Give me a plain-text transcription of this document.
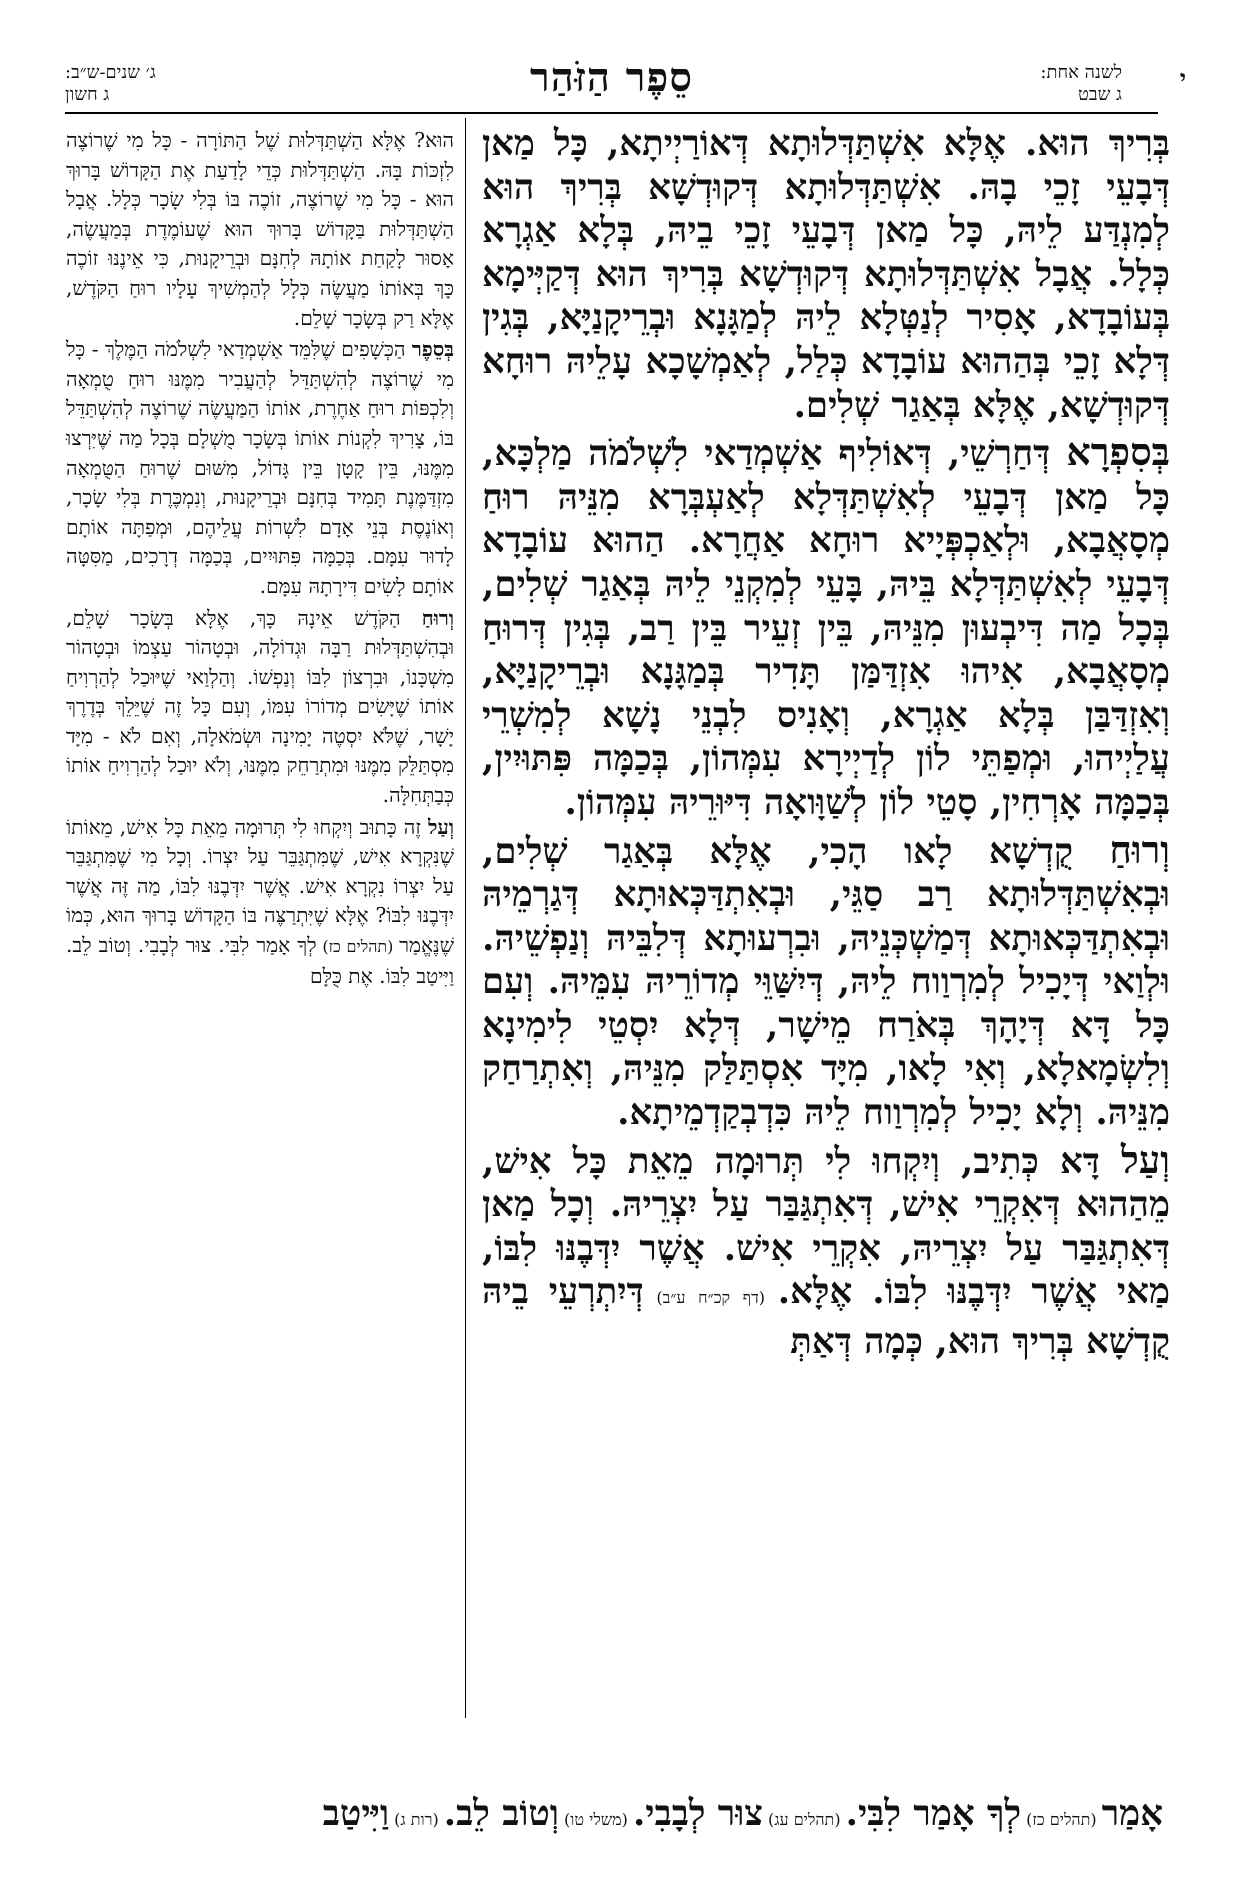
י
לשנה אחת:
ג שבט
סֵפֶר הַזֹּהַר
ג׳ שנים-ש״ב:
ג חשון

בְּרִיךְ הוּא. אֶלָּא אִשְׁתַּדְּלוּתָא דְּאוֹרַיְיתָא, כָּל מַאן דְּבָעֵי זָכֵי בָהּ. אִשְׁתַּדְּלוּתָא דְּקוּדְשָׁא בְּרִיךְ הוּא לְמִנְדַּע לֵיהּ, כָּל מַאן דְּבָעֵי זָכֵי בֵיהּ, בְּלָא אַגְרָא כְּלָל. אֲבָל אִשְׁתַּדְּלוּתָא דְּקוּדְשָׁא בְּרִיךְ הוּא דְּקַיְּימָא בְּעוֹבָדָא, אָסִיר לְנַטְּלָא לֵיהּ לְמַגָּנָא וּבְרֵיקָנַיָּא, בְּגִין דְּלָא זָכֵי בְּהַהוּא עוֹבָדָא כְּלַל, לְאַמְשָׁכָא עָלֵיהּ רוּחָא דְּקוּדְשָׁא, אֶלָּא בְּאַגַר שְׁלִים.

בְּסִפְרָא דְּחַרְשֵׁי, דְּאוֹלִיף אַשְׁמְדַאי לִשְׁלֹמֹה מַלְכָּא, כָּל מַאן דְּבָעֵי לְאִשְׁתַּדְּלָא לְאַעְבְּרָא מִנֵּיהּ רוּחַ מְסָאֲבָא, וּלְאַכְפְּיָיא רוּחָא אַחֲרָא. הַהוּא עוֹבָדָא דְּבָעֵי לְאִשְׁתַּדְּלָא בֵּיהּ, בָּעֵי לְמִקְנֵי לֵיהּ בְּאַגַר שְׁלִים, בְּכָל מַה דִּיבְעוּן מִנֵּיהּ, בֵּין זְעֵיר בֵּין רַב, בְּגִין דְּרוּחַ מְסָאֲבָא, אִיהוּ אִזְדַּמַּן תָּדִיר בְּמַגָּנָא וּבְרֵיקָנַיָּא, וְאִזְדַּבַּן בְּלָא אַגְרָא, וְאָנִיס לִבְנֵי נָשָׁא לְמִשְׁרֵי עֲלַיְיהוּ, וּמְפַתֵּי לוֹן לְדַיְירָא עִמְּהוֹן, בְּכַמָּה פִּתּוּיִין, בְּכַמָּה אָרְחִין, סָטֵי לוֹן לְשַׁוָּואָה דִּיּוּרֵיהּ עִמְּהוֹן.

וְרוּחַ קֻדְשָׁא לָאו הָכִי, אֶלָּא בְּאַגַר שְׁלִים, וּבְאִשְׁתַּדְּלוּתָא רַב סַגֵּי, וּבְאִתְדַּכְּאוּתָא דְּגַרְמֵיהּ וּבְאִתְדַּכְּאוּתָא דְּמַשְׁכְּנֵיהּ, וּבִרְעוּתָא דְּלִבֵּיהּ וְנַפְשֵׁיהּ. וּלְוַאי דְּיָכִיל לְמִרְוַוח לֵיהּ, דְּיִשַּׁוֵּי מְדוֹרֵיהּ עִמֵּיהּ. וְעִם כָּל דָּא דְּיָהָךְ בְּאֹרַח מֵישָׁר, דְּלָא יִסְטֵי לִימִינָא וְלִשְׂמָאלָא, וְאִי לָאו, מִיָּד אִסְתַּלַּק מִנֵּיהּ, וְאִתְרַחַק מִנֵּיהּ. וְלָא יָכִיל לְמִרְוַוח לֵיהּ כִּדְבְקַדְמֵיתָא.

וְעַל דָּא כְּתִיב, וְיִקְחוּ לִי תְּרוּמָה מֵאֵת כָּל אִישׁ, מֵהַהוּא דְּאִקְרֵי אִישׁ, דְּאִתְגַּבַּר עַל יִצְרֵיהּ. וְכָל מַאן דְּאִתְגַּבַּר עַל יִצְרֵיהּ, אִקְרֵי אִישׁ. אֲשֶׁר יִדְּבֶנּוּ לִבּוֹ, מַאי אֲשֶׁר יִדְּבֶנּוּ לִבּוֹ. אֶלָּא. (דף קכ״ח ע״ב) דְּיִתְרְעֵי בֵיהּ קֻדְשָׁא בְּרִיךְ הוּא, כְּמָה דְּאַתְּ

הוּא? אֶלָּא הַשְׁתַּדְּלוּת שֶׁל הַתּוֹרָה - כָּל מִי שֶׁרוֹצֶה לִזְכּוֹת בָּהּ. הַשְׁתַּדְּלוּת כְּדֵי לָדַעַת אֶת הַקָּדוֹשׁ בָּרוּךְ הוּא - כָּל מִי שֶׁרוֹצֶה, זוֹכֶה בּוֹ בְּלִי שָׂכָר כְּלָל. אֲבָל הַשְׁתַּדְּלוּת בַּקָּדוֹשׁ בָּרוּךְ הוּא שֶׁעוֹמֶדֶת בְּמַעֲשֶׂה, אָסוּר לָקַחַת אוֹתָהּ לְחִנָּם וּבְרֵיקָנוּת, כִּי אֵינֶנּוּ זוֹכֶה כָּךְ בְּאוֹתוֹ מַעֲשֶׂה כְּלָל לְהַמְשִׁיךְ עָלָיו רוּחַ הַקֹּדֶשׁ, אֶלָּא רַק בְּשָׂכָר שָׁלֵם.

בְּסֵפֶר הַכְּשָׁפִים שֶׁלִּמֵּד אַשְׁמְדַאי לִשְׁלֹמֹה הַמֶּלֶךְ - כָּל מִי שֶׁרוֹצֶה לְהִשְׁתַּדֵּל לְהַעֲבִיר מִמֶּנּוּ רוּחַ טֻמְאָה וְלִכְפּוֹת רוּחַ אַחֶרֶת, אוֹתוֹ הַמַּעֲשֶׂה שֶׁרוֹצֶה לְהִשְׁתַּדֵּל בּוֹ, צָרִיךְ לִקְנוֹת אוֹתוֹ בְּשָׂכָר מֻשְׁלָם בְּכָל מַה שֶּׁיִּרְצוּ מִמֶּנּוּ, בֵּין קָטָן בֵּין גָּדוֹל, מִשּׁוּם שֶׁרוּחַ הַטֻּמְאָה מִזְדַּמֶּנֶת תָּמִיד בְּחִנָּם וּבְרֵיקָנוּת, וְנִמְכֶּרֶת בְּלִי שָׂכָר, וְאוֹנֶסֶת בְּנֵי אָדָם לִשְׁרוֹת עֲלֵיהֶם, וּמְפַתָּה אוֹתָם לָדוּר עִמָּם. בְּכַמָּה פִּתּוּיִים, בְּכַמָּה דְרָכִים, מַסִּטָּה אוֹתָם לָשִׂים דִּירָתָהּ עִמָּם.

וְרוּחַ הַקֹּדֶשׁ אֵינָהּ כָּךְ, אֶלָּא בְּשָׂכָר שָׁלֵם, וּבְהִשְׁתַּדְּלוּת רַבָּה וּגְדוֹלָה, וּבְטָהוֹר עַצְמוֹ וּבְטָהוֹר מִשְׁכָּנוֹ, וּבִרְצוֹן לִבּוֹ וְנַפְשׁוֹ. וְהַלְוַאי שֶׁיּוּכַל לְהַרְוִיחַ אוֹתוֹ שֶׁיָּשִׂים מְדוֹרוֹ עִמּוֹ, וְעִם כָּל זֶה שֶׁיֵּלֵךְ בְּדֶרֶךְ יָשָׁר, שֶׁלֹּא יִסְטֶה יָמִינָה וּשְׂמֹאלָה, וְאִם לֹא - מִיָּד מִסְתַּלֵּק מִמֶּנּוּ וּמִתְרַחֵק מִמֶּנּוּ, וְלֹא יוּכַל לְהַרְוִיחַ אוֹתוֹ כְּבַתְּחִלָּה.

וְעַל זֶה כָּתוּב וְיִקְחוּ לִי תְּרוּמָה מֵאֵת כָּל אִישׁ, מֵאוֹתוֹ שֶׁנִּקְרָא אִישׁ, שֶׁמִּתְגַּבֵּר עַל יִצְרוֹ. וְכָל מִי שֶׁמִּתְגַּבֵּר עַל יִצְרוֹ נִקְרָא אִישׁ. אֲשֶׁר יִדְּבֶנּוּ לִבּוֹ, מַה זֶּה אֲשֶׁר יִדְּבֶנּוּ לִבּוֹ? אֶלָּא שֶׁיִּתְרַצֶּה בּוֹ הַקָּדוֹשׁ בָּרוּךְ הוּא, כְּמוֹ שֶׁנֶּאֱמַר (תהלים כז) לְךָ אָמַר לִבִּי. צוּר לְבָבִי. וְטוֹב לֵב. וַיִּיטַב לִבּוֹ. אֶת כֻּלָּם

אָמַר (תהלים כז) לְךָ אָמַר לִבִּי. (תהלים עג) צוּר לְבָבִי. (משלי טו) וְטוֹב לֵב. (רות ג) וַיִּיטַב
